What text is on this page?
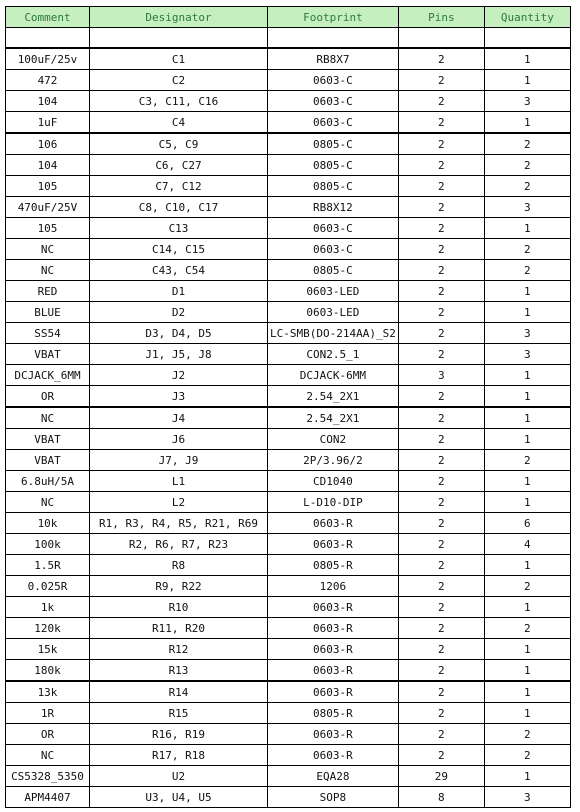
Comment	Designator	Footprint	Pins	Quantity

100uF/25v	C1	RB8X7	2	1
472	C2	0603-C	2	1
104	C3, C11, C16	0603-C	2	3
1uF	C4	0603-C	2	1
106	C5, C9	0805-C	2	2
104	C6, C27	0805-C	2	2
105	C7, C12	0805-C	2	2
470uF/25V	C8, C10, C17	RB8X12	2	3
105	C13	0603-C	2	1
NC	C14, C15	0603-C	2	2
NC	C43, C54	0805-C	2	2
RED	D1	0603-LED	2	1
BLUE	D2	0603-LED	2	1
SS54	D3, D4, D5	LC-SMB(DO-214AA)_S2	2	3
VBAT	J1, J5, J8	CON2.5_1	2	3
DCJACK_6MM	J2	DCJACK-6MM	3	1
OR	J3	2.54_2X1	2	1
NC	J4	2.54_2X1	2	1
VBAT	J6	CON2	2	1
VBAT	J7, J9	2P/3.96/2	2	2
6.8uH/5A	L1	CD1040	2	1
NC	L2	L-D10-DIP	2	1
10k	R1, R3, R4, R5, R21, R69	0603-R	2	6
100k	R2, R6, R7, R23	0603-R	2	4
1.5R	R8	0805-R	2	1
0.025R	R9, R22	1206	2	2
1k	R10	0603-R	2	1
120k	R11, R20	0603-R	2	2
15k	R12	0603-R	2	1
180k	R13	0603-R	2	1
13k	R14	0603-R	2	1
1R	R15	0805-R	2	1
OR	R16, R19	0603-R	2	2
NC	R17, R18	0603-R	2	2
CS5328_5350	U2	EQA28	29	1
APM4407	U3, U4, U5	SOP8	8	3
